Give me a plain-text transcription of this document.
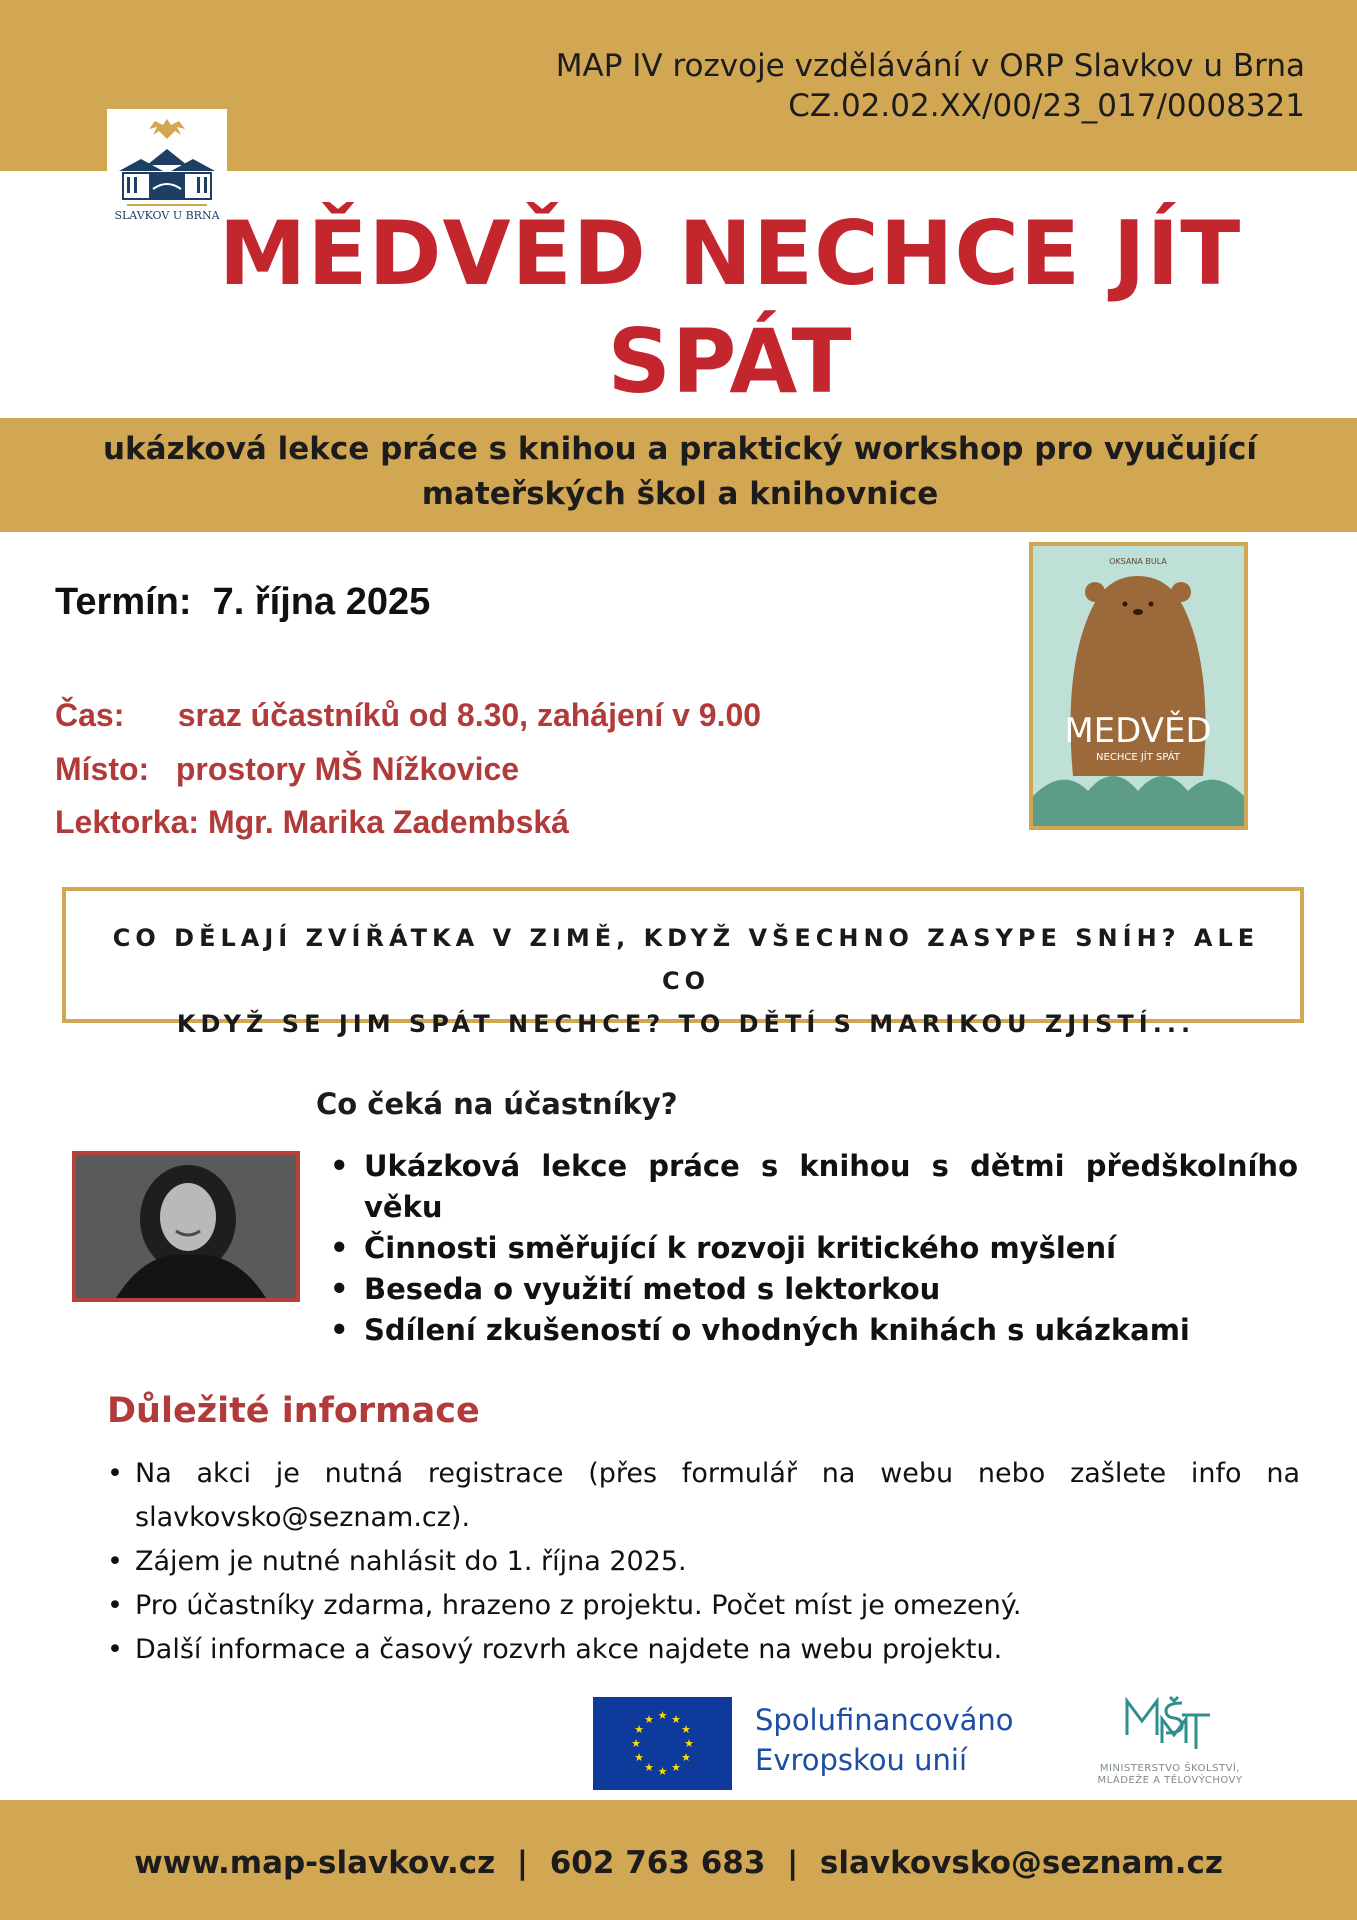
MAP IV rozvoje vzdělávání v ORP Slavkov u Brna
CZ.02.02.XX/00/23_017/0008321
SLAVKOV U BRNA MĚDVĚD NECHCE JÍT
SPÁT
ukázková lekce práce s knihou a praktický workshop pro vyučující
mateřských škol a knihovnice
Termín:  7. října 2025
Čas:      sraz účastníků od 8.30, zahájení v 9.00
Místo:   prostory MŠ Nížkovice
Lektorka: Mgr. Marika Zadembská
OKSANA BULA
MEDVĚD
NECHCE JÍT SPÁT
CO DĚLAJÍ ZVÍŘÁTKA V ZIMĚ, KDYŽ VŠECHNO ZASYPE SNÍH? ALE CO
KDYŽ SE JIM SPÁT NECHCE? TO DĚTÍ S MARIKOU ZJISTÍ...
Co čeká na účastníky?
• Ukázková lekce práce s knihou s dětmi předškolního věku
• Činnosti směřující k rozvoji kritického myšlení
• Beseda o využití metod s lektorkou
• Sdílení zkušeností o vhodných knihách s ukázkami
Důležité informace
• Na akci je nutná registrace (přes formulář na webu nebo zašlete info na slavkovsko@seznam.cz).
• Zájem je nutné nahlásit do 1. října 2025.
• Pro účastníky zdarma, hrazeno z projektu. Počet míst je omezený.
• Další informace a časový rozvrh akce najdete na webu projektu.
★ ★
★
★
★
★
★
★
★
★
★
★	Spolufinancováno
Evropskou unií	MINISTERSTVO ŠKOLSTVÍ,
MLÁDEŽE A TĚLOVÝCHOVY
www.map-slavkov.cz  |  602 763 683  |  slavkovsko@seznam.cz
